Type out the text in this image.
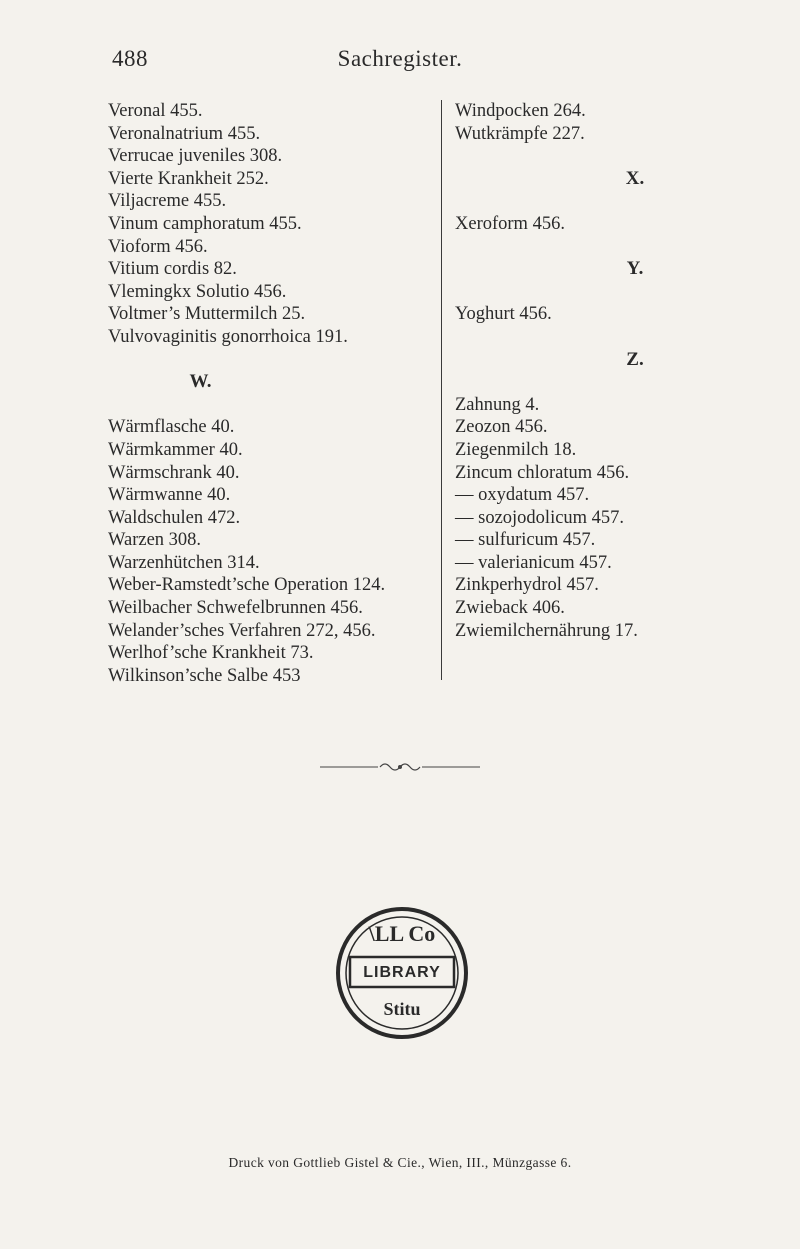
488	Sachregister.
Veronal 455.
Veronalnatrium 455.
Verrucae juveniles 308.
Vierte Krankheit 252.
Viljacreme 455.
Vinum camphoratum 455.
Vioform 456.
Vitium cordis 82.
Vlemingkx Solutio 456.
Voltmer’s Muttermilch 25.
Vulvovaginitis gonorrhoica 191.
W.
Wärmflasche 40.
Wärmkammer 40.
Wärmschrank 40.
Wärmwanne 40.
Waldschulen 472.
Warzen 308.
Warzenhütchen 314.
Weber-Ramstedt’sche Operation 124.
Weilbacher Schwefelbrunnen 456.
Welander’sches Verfahren 272, 456.
Werlhof’sche Krankheit 73.
Wilkinson’sche Salbe 453
Windpocken 264.
Wutkrämpfe 227.
X.
Xeroform 456.
Y.
Yoghurt 456.
Z.
Zahnung 4.
Zeozon 456.
Ziegenmilch 18.
Zincum chloratum 456.
— oxydatum 457.
— sozojodolicum 457.
— sulfuricum 457.
— valerianicum 457.
Zinkperhydrol 457.
Zwieback 406.
Zwiemilchernährung 17.
\LL Co
Stitu
LIBRARY
Druck von Gottlieb Gistel & Cie., Wien, III., Münzgasse 6.
